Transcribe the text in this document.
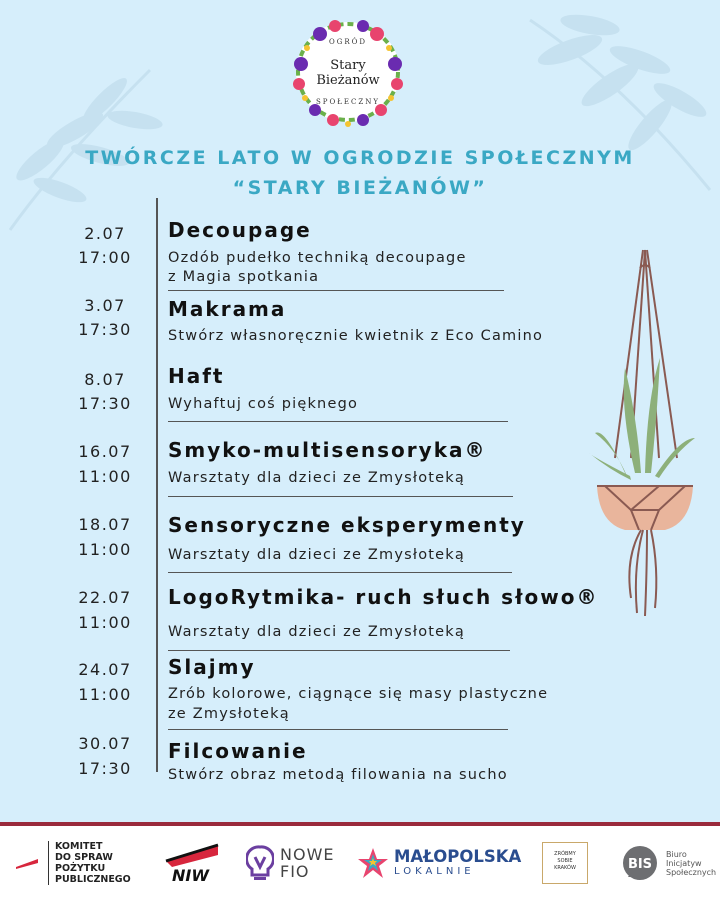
OGRÓD
Stary
Bieżanów
SPOŁECZNY
TWÓRCZE LATO W OGRODZIE SPOŁECZNYM
“STARY BIEŻANÓW”
2.07
17:00
Decoupage
Ozdób pudełko techniką decoupage
z Magia spotkania
3.07
17:30
Makrama
Stwórz własnoręcznie kwietnik z Eco Camino
8.07
17:30
Haft
Wyhaftuj coś pięknego
16.07
11:00
Smyko-multisensoryka®
Warsztaty dla dzieci ze Zmysłoteką
18.07
11:00
Sensoryczne eksperymenty
Warsztaty dla dzieci ze Zmysłoteką
22.07
11:00
LogoRytmika- ruch słuch słowo®
Warsztaty dla dzieci ze Zmysłoteką
24.07
11:00
Slajmy
Zrób kolorowe, ciągnące się masy plastyczne
ze Zmysłoteką
30.07
17:30
Filcowanie
Stwórz obraz metodą filowania na sucho
KOMITET
DO SPRAW
POŻYTKU
PUBLICZNEGO	NIW
NOWE
FIO
MAŁOPOLSKA
LOKALNIE
ZRÓBMY
SOBIE
KRAKÓW	BIS
Biuro
Inicjatyw
Społecznych
